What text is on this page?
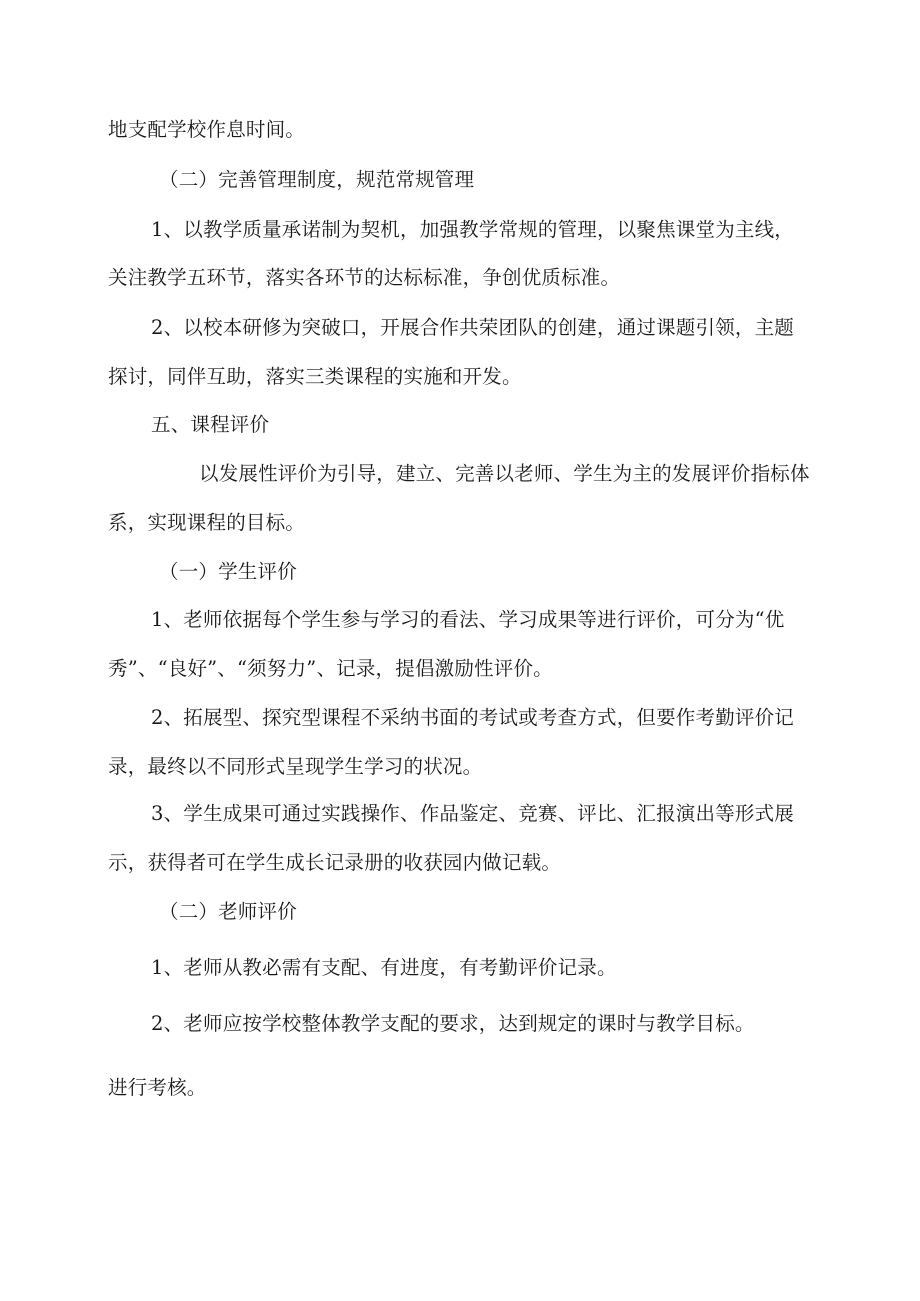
地支配学校作息时间。
（二）完善管理制度，规范常规管理
1、以教学质量承诺制为契机，加强教学常规的管理，以聚焦课堂为主线，
关注教学五环节，落实各环节的达标标准，争创优质标准。
2、以校本研修为突破口，开展合作共荣团队的创建，通过课题引领，主题
探讨，同伴互助，落实三类课程的实施和开发。
五、课程评价
以发展性评价为引导，建立、完善以老师、学生为主的发展评价指标体
系，实现课程的目标。
（一）学生评价
1、老师依据每个学生参与学习的看法、学习成果等进行评价，可分为“优
秀”、“良好”、“须努力”、记录，提倡激励性评价。
2、拓展型、探究型课程不采纳书面的考试或考查方式，但要作考勤评价记
录，最终以不同形式呈现学生学习的状况。
3、学生成果可通过实践操作、作品鉴定、竞赛、评比、汇报演出等形式展
示，获得者可在学生成长记录册的收获园内做记载。
（二）老师评价
1、老师从教必需有支配、有进度，有考勤评价记录。
2、老师应按学校整体教学支配的要求，达到规定的课时与教学目标。
进行考核。
